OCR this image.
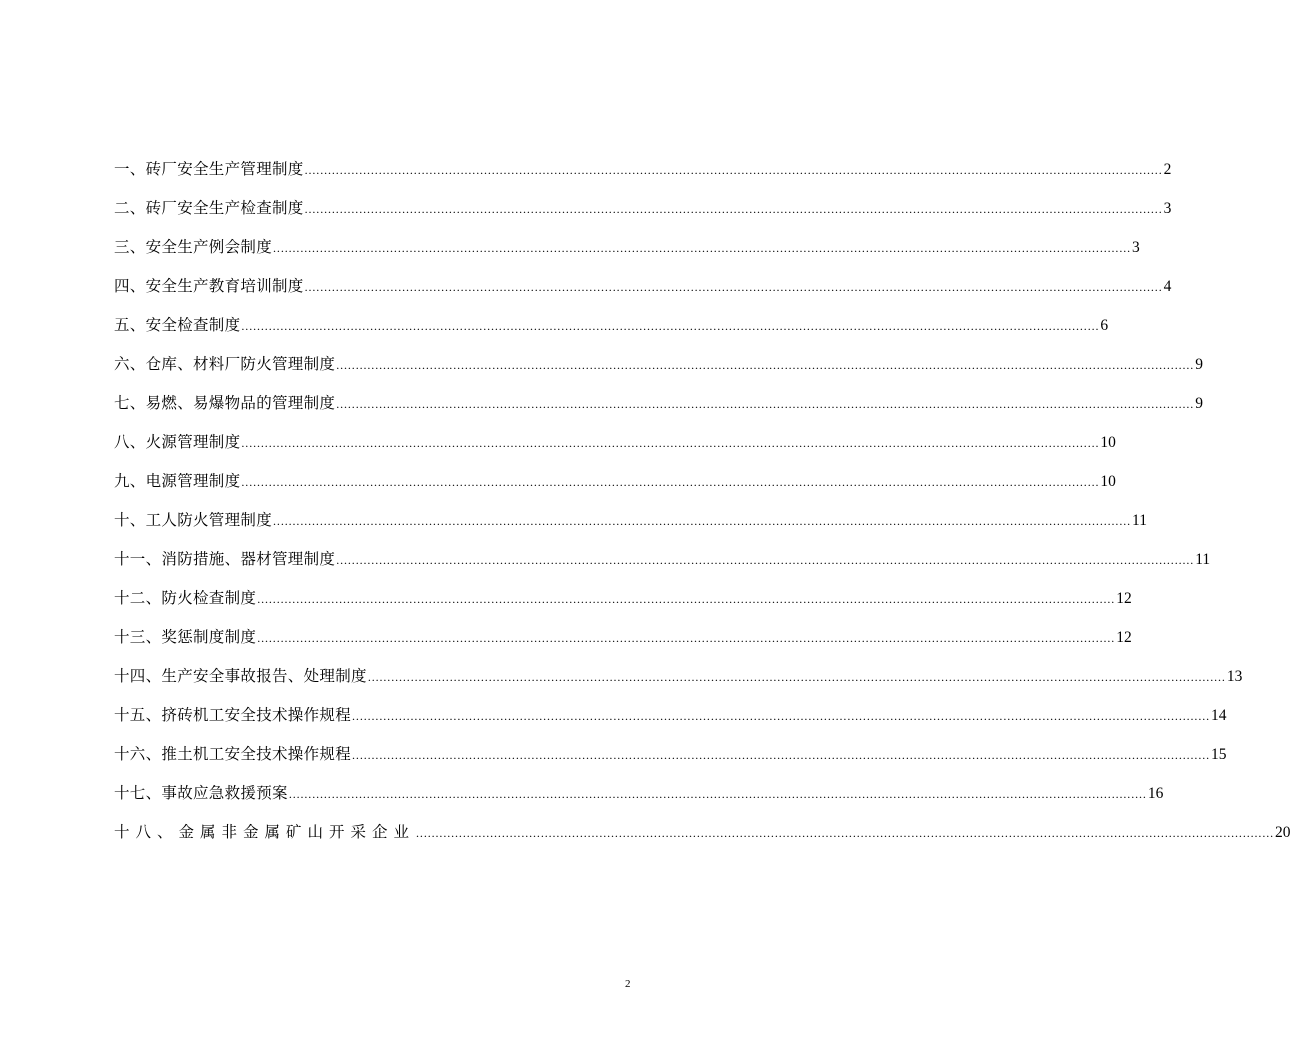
一、砖厂安全生产管理制度 ............................................................................................................................................................................................................................ 2
二、砖厂安全生产检查制度 ............................................................................................................................................................................................................................ 3
三、安全生产例会制度 ............................................................................................................................................................................................................................ 3
四、安全生产教育培训制度 ............................................................................................................................................................................................................................ 4
五、安全检查制度 ............................................................................................................................................................................................................................ 6
六、仓库、材料厂防火管理制度 ............................................................................................................................................................................................................................ 9
七、易燃、易爆物品的管理制度 ............................................................................................................................................................................................................................ 9
八、火源管理制度 ............................................................................................................................................................................................................................ 10
九、电源管理制度 ............................................................................................................................................................................................................................ 10
十、工人防火管理制度 ............................................................................................................................................................................................................................ 11
十一、消防措施、器材管理制度 ............................................................................................................................................................................................................................ 11
十二、防火检查制度 ............................................................................................................................................................................................................................ 12
十三、奖惩制度制度 ............................................................................................................................................................................................................................ 12
十四、生产安全事故报告、处理制度 ............................................................................................................................................................................................................................ 13
十五、挤砖机工安全技术操作规程 ............................................................................................................................................................................................................................ 14
十六、推土机工安全技术操作规程 ............................................................................................................................................................................................................................ 15
十七、事故应急救援预案 ............................................................................................................................................................................................................................ 16
十八、金属非金属矿山开采企业 ............................................................................................................................................................................................................................ 20
2
